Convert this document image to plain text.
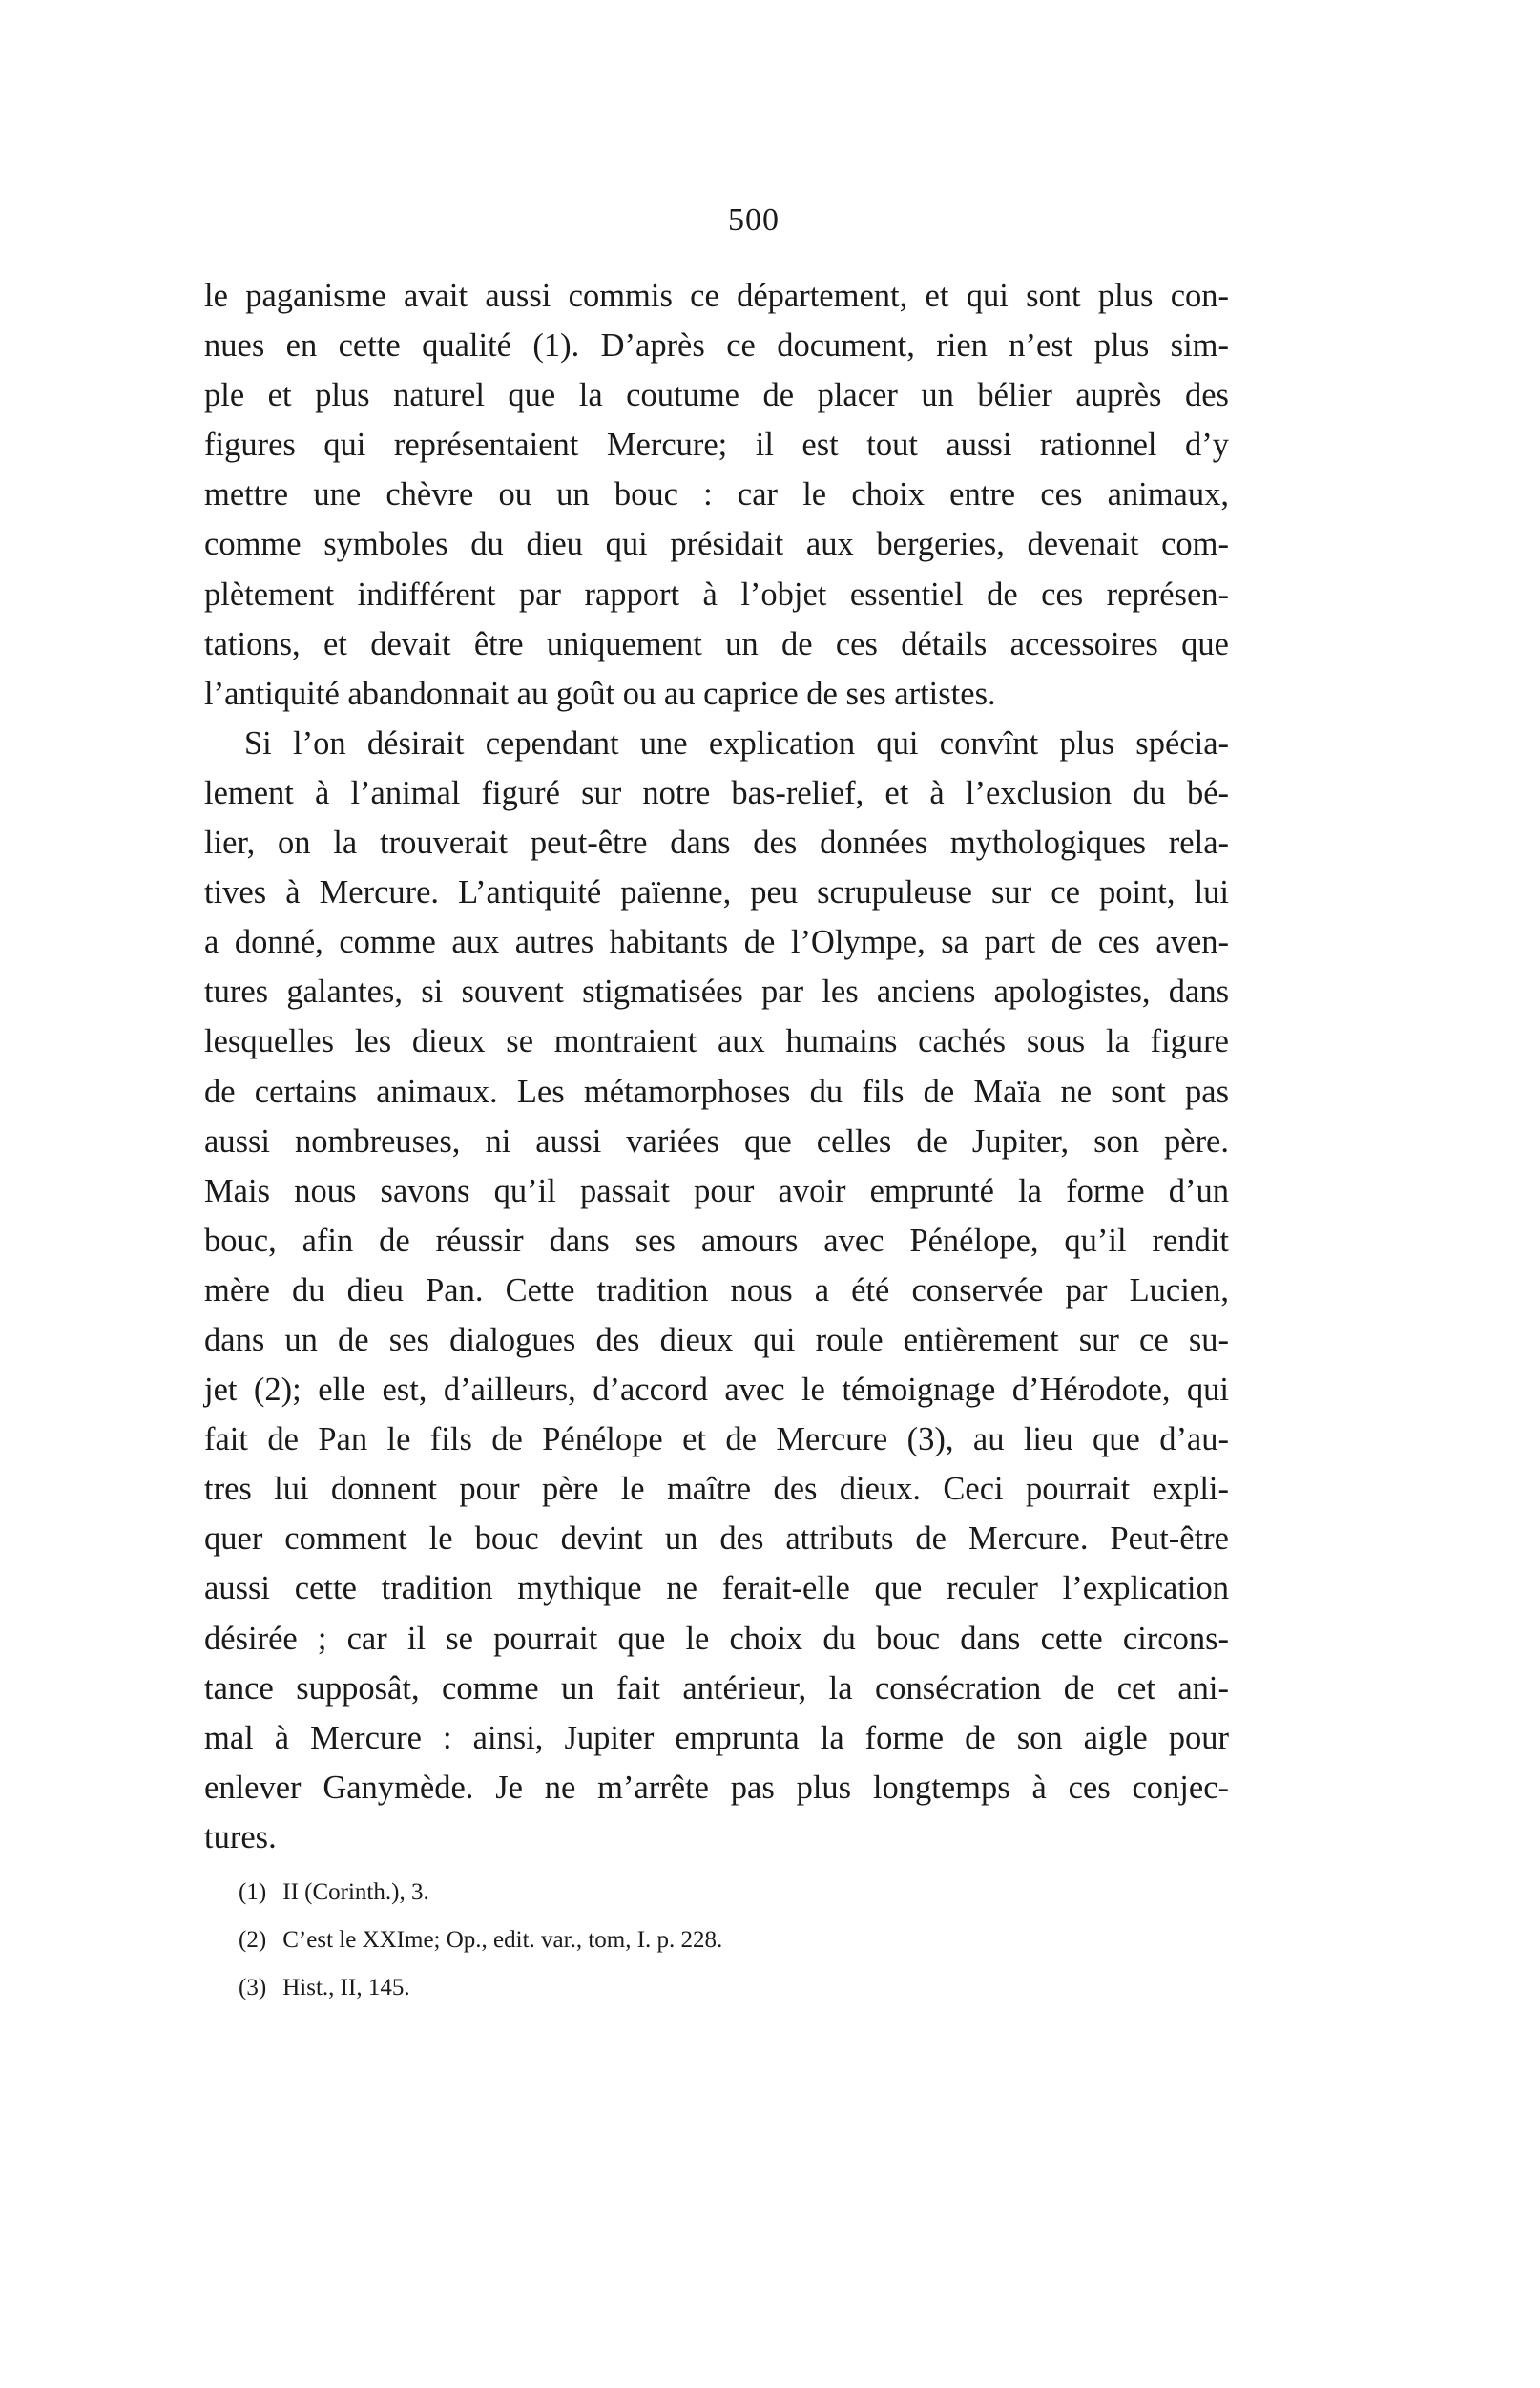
500
le paganisme avait aussi commis ce département, et qui sont plus con-
nues en cette qualité (1). D’après ce document, rien n’est plus sim-
ple et plus naturel que la coutume de placer un bélier auprès des
figures qui représentaient Mercure; il est tout aussi rationnel d’y
mettre une chèvre ou un bouc : car le choix entre ces animaux,
comme symboles du dieu qui présidait aux bergeries, devenait com-
plètement indifférent par rapport à l’objet essentiel de ces représen-
tations, et devait être uniquement un de ces détails accessoires que
l’antiquité abandonnait au goût ou au caprice de ses artistes.
Si l’on désirait cependant une explication qui convînt plus spécia-
lement à l’animal figuré sur notre bas-relief, et à l’exclusion du bé-
lier, on la trouverait peut-être dans des données mythologiques rela-
tives à Mercure. L’antiquité païenne, peu scrupuleuse sur ce point, lui
a donné, comme aux autres habitants de l’Olympe, sa part de ces aven-
tures galantes, si souvent stigmatisées par les anciens apologistes, dans
lesquelles les dieux se montraient aux humains cachés sous la figure
de certains animaux. Les métamorphoses du fils de Maïa ne sont pas
aussi nombreuses, ni aussi variées que celles de Jupiter, son père.
Mais nous savons qu’il passait pour avoir emprunté la forme d’un
bouc, afin de réussir dans ses amours avec Pénélope, qu’il rendit
mère du dieu Pan. Cette tradition nous a été conservée par Lucien,
dans un de ses dialogues des dieux qui roule entièrement sur ce su-
jet (2); elle est, d’ailleurs, d’accord avec le témoignage d’Hérodote, qui
fait de Pan le fils de Pénélope et de Mercure (3), au lieu que d’au-
tres lui donnent pour père le maître des dieux. Ceci pourrait expli-
quer comment le bouc devint un des attributs de Mercure. Peut-être
aussi cette tradition mythique ne ferait-elle que reculer l’explication
désirée ; car il se pourrait que le choix du bouc dans cette circons-
tance supposât, comme un fait antérieur, la consécration de cet ani-
mal à Mercure : ainsi, Jupiter emprunta la forme de son aigle pour
enlever Ganymède. Je ne m’arrête pas plus longtemps à ces conjec-
tures.
(1) II (Corinth.), 3.
(2) C’est le XXIme; Op., edit. var., tom, I. p. 228.
(3) Hist., II, 145.
